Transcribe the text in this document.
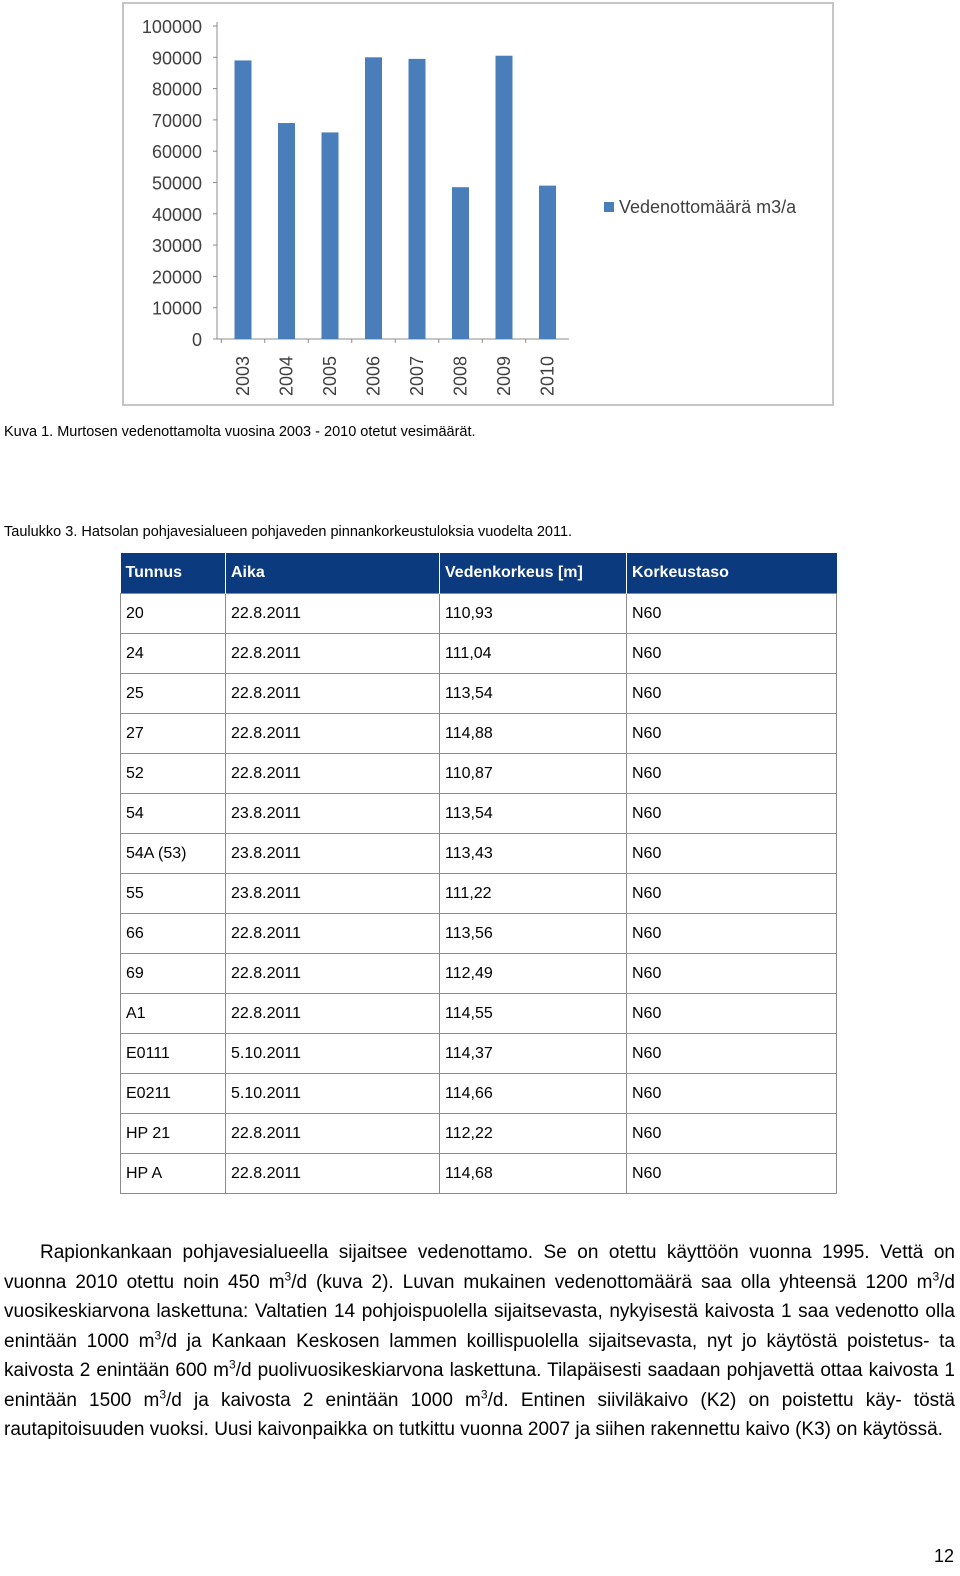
100000
90000
80000
70000
60000
50000
40000
30000
20000
10000
0
2003 2004 2005 2006 2007 2008 2009 2010
Vedenottomäärä m3/a
Kuva 1. Murtosen vedenottamolta vuosina 2003 - 2010 otetut vesimäärät.
Taulukko 3. Hatsolan pohjavesialueen pohjaveden pinnankorkeustuloksia vuodelta 2011.
Tunnus	Aika	Vedenkorkeus [m]	Korkeustaso
20	22.8.2011	110,93	N60
24	22.8.2011	111,04	N60
25	22.8.2011	113,54	N60
27	22.8.2011	114,88	N60
52	22.8.2011	110,87	N60
54	23.8.2011	113,54	N60
54A (53)	23.8.2011	113,43	N60
55	23.8.2011	111,22	N60
66	22.8.2011	113,56	N60
69	22.8.2011	112,49	N60
A1	22.8.2011	114,55	N60
E0111	5.10.2011	114,37	N60
E0211	5.10.2011	114,66	N60
HP 21	22.8.2011	112,22	N60
HP A	22.8.2011	114,68	N60
Rapionkankaan pohjavesialueella sijaitsee vedenottamo. Se on otettu käyttöön vuonna 1995. Vettä on vuonna 2010 otettu noin 450 $m^3/d$ (kuva 2). Luvan mukainen vedenottomäärä saa olla yhteensä 1200 $m^3/d$ vuosikeskiarvona laskettuna: Valtatien 14 pohjoispuolella sijaitsevasta, nykyisestä kaivosta 1 saa vedenotto olla enintään 1000 $m^3/d$ ja Kankaan Keskosen lammen koillispuolella sijaitsevasta, nyt jo käytöstä poistetus- ta kaivosta 2 enintään 600 $m^3/d$ puolivuosikeskiarvona laskettuna. Tilapäisesti saadaan pohjavettä ottaa kaivosta 1 enintään 1500 $m^3/d$ ja kaivosta 2 enintään 1000 $m^3/d$. Entinen siiviläkaivo (K2) on poistettu käy- töstä rautapitoisuuden vuoksi. Uusi kaivonpaikka on tutkittu vuonna 2007 ja siihen rakennettu kaivo (K3) on käytössä.
12
